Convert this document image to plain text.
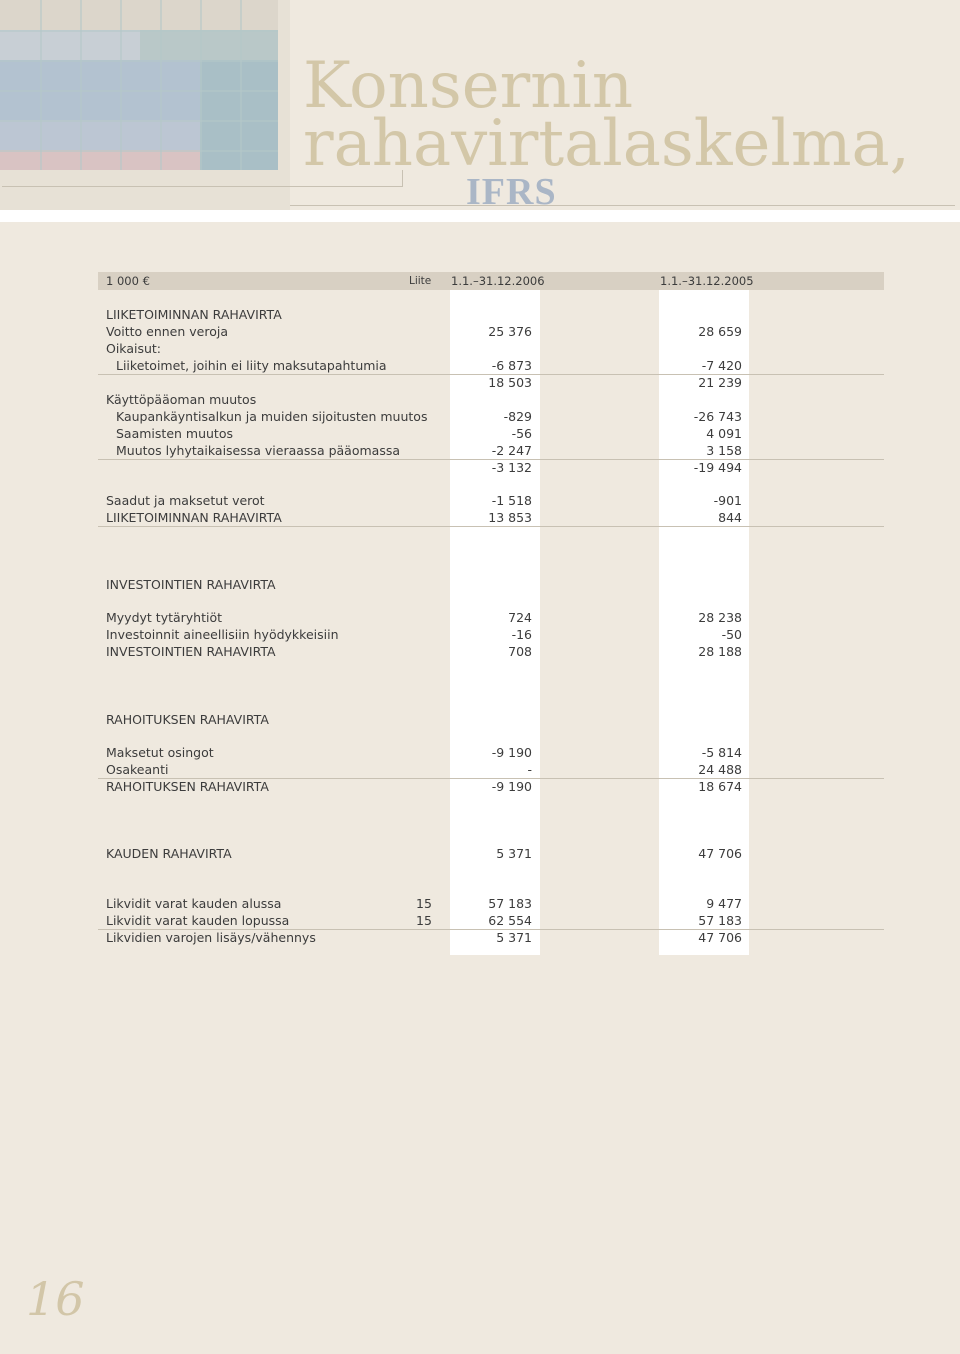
Konsernin
rahavirtalaskelma,
IFRS
1 000 €	Liite 1.1.–31.12.2006	1.1.–31.12.2005
LIIKETOIMINNAN RAHAVIRTA
Voitto ennen veroja	25 376	28 659
Oikaisut:
Liiketoimet, joihin ei liity maksutapahtumia	-6 873	-7 420
18 503	21 239
Käyttöpääoman muutos
Kaupankäyntisalkun ja muiden sijoitusten muutos	-829	-26 743
Saamisten muutos	-56	4 091
Muutos lyhytaikaisessa vieraassa pääomassa	-2 247	3 158
-3 132	-19 494
Saadut ja maksetut verot	-1 518	-901
LIIKETOIMINNAN RAHAVIRTA	13 853	844
INVESTOINTIEN RAHAVIRTA
Myydyt tytäryhtiöt	724	28 238
Investoinnit aineellisiin hyödykkeisiin	-16	-50
INVESTOINTIEN RAHAVIRTA	708	28 188
RAHOITUKSEN RAHAVIRTA
Maksetut osingot	-9 190	-5 814
Osakeanti	-	24 488
RAHOITUKSEN RAHAVIRTA	-9 190	18 674
KAUDEN RAHAVIRTA	5 371	47 706
Likvidit varat kauden alussa	15	57 183	9 477
Likvidit varat kauden lopussa	15	62 554	57 183
Likvidien varojen lisäys/vähennys	5 371	47 706
16
